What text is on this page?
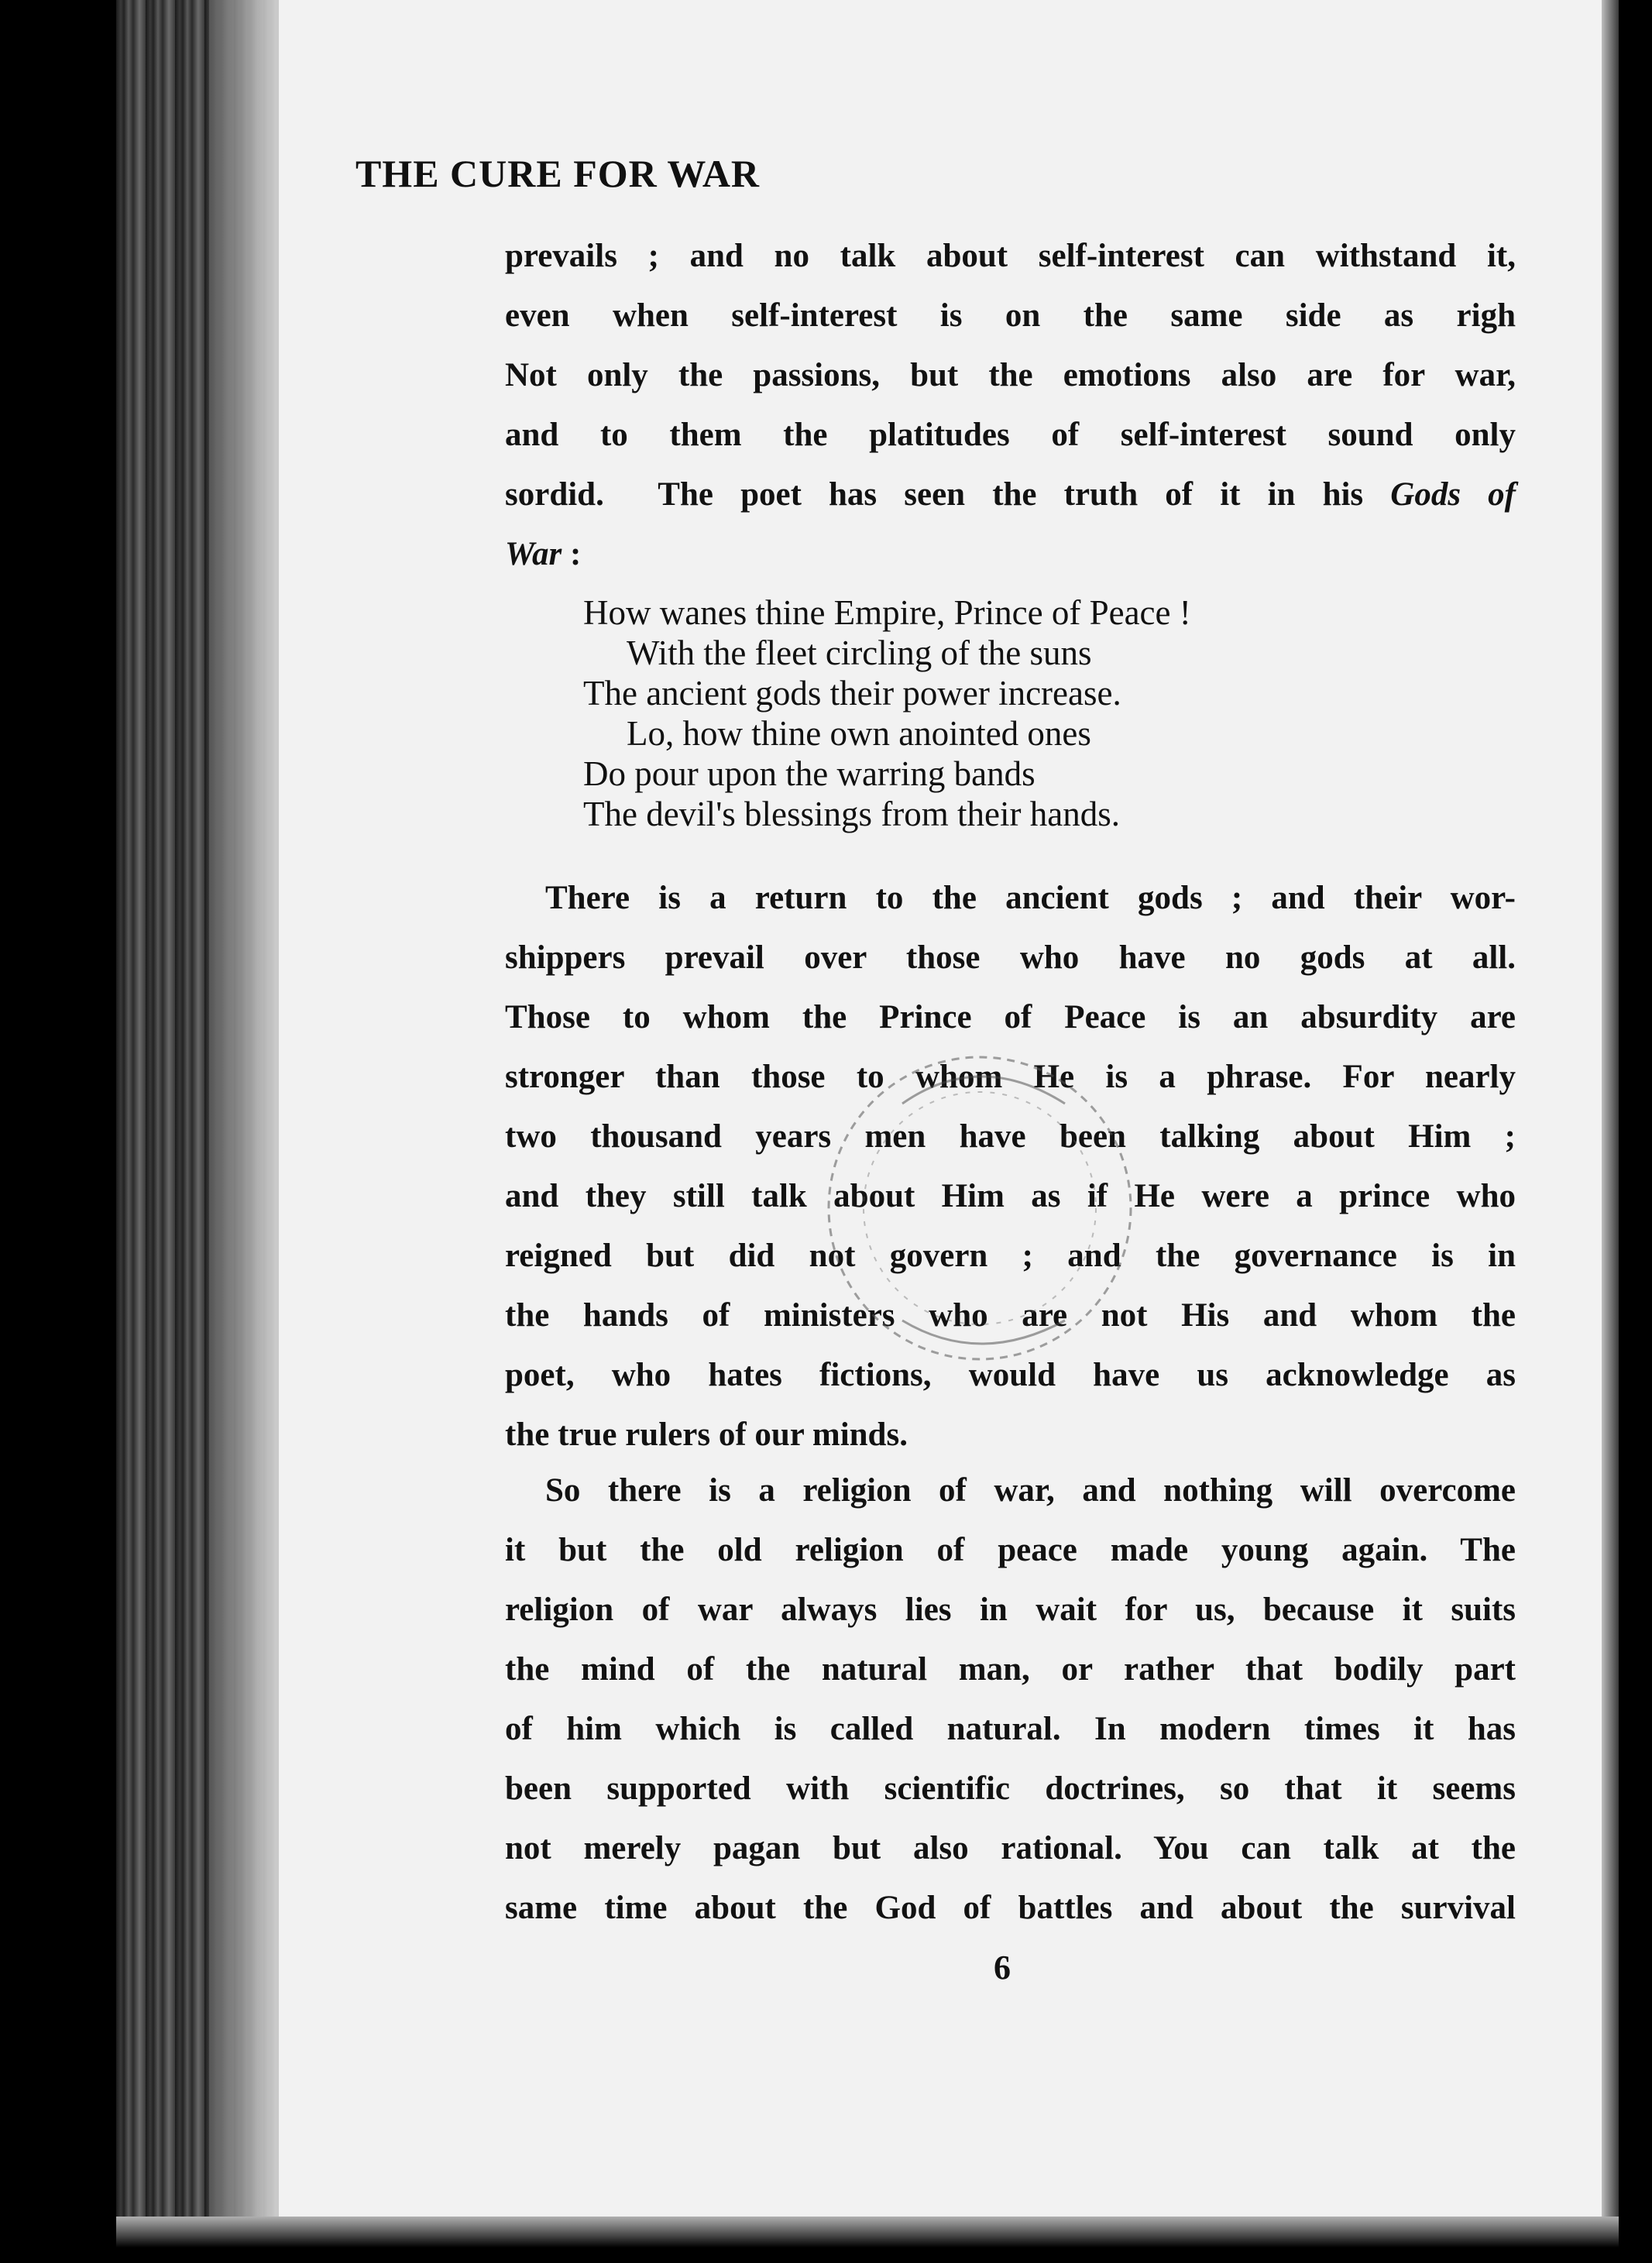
THE CURE FOR WAR
prevails ; and no talk about self-interest can withstand it,
even when self-interest is on the same side as righ
Not only the passions, but the emotions also are for war,
and to them the platitudes of self-interest sound only
sordid.  The poet has seen the truth of it in his Gods of
War :
How wanes thine Empire, Prince of Peace !
With the fleet circling of the suns
The ancient gods their power increase.
Lo, how thine own anointed ones
Do pour upon the warring bands
The devil's blessings from their hands.
There is a return to the ancient gods ; and their wor-
shippers prevail over those who have no gods at all.
Those to whom the Prince of Peace is an absurdity are
stronger than those to whom He is a phrase. For nearly
two thousand years men have been talking about Him ;
and they still talk about Him as if He were a prince who
reigned but did not govern ; and the governance is in
the hands of ministers who are not His and whom the
poet, who hates fictions, would have us acknowledge as
the true rulers of our minds.
So there is a religion of war, and nothing will overcome
it but the old religion of peace made young again. The
religion of war always lies in wait for us, because it suits
the mind of the natural man, or rather that bodily part
of him which is called natural. In modern times it has
been supported with scientific doctrines, so that it seems
not merely pagan but also rational. You can talk at the
same time about the God of battles and about the survival
6
